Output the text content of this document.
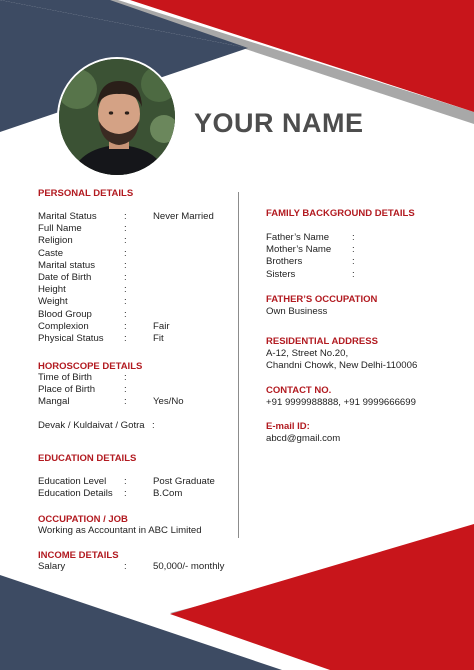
YOUR NAME
PERSONAL DETAILS
Marital Status	:	Never Married
Full Name	:
Religion	:
Caste	:
Marital status	:
Date of Birth	:
Height	:
Weight	:
Blood Group	:
Complexion	:	Fair
Physical Status :	Fit
HOROSCOPE DETAILS
Time of Birth	:
Place of Birth	:
Mangal	:	Yes/No
Devak / Kuldaivat / Gotra :
EDUCATION DETAILS
Education Level :	Post Graduate
Education Details :	B.Com
OCCUPATION / JOB
Working as Accountant in ABC Limited
INCOME DETAILS
Salary	:	50,000/- monthly
FAMILY BACKGROUND DETAILS
Father’s Name :
Mother’s Name :
Brothers	:
Sisters	:
FATHER’S OCCUPATION
Own Business
RESIDENTIAL ADDRESS
A-12, Street No.20,
Chandni Chowk, New Delhi-110006
CONTACT NO.
+91 9999988888, +91 9999666699
E-mail ID:
abcd@gmail.com
